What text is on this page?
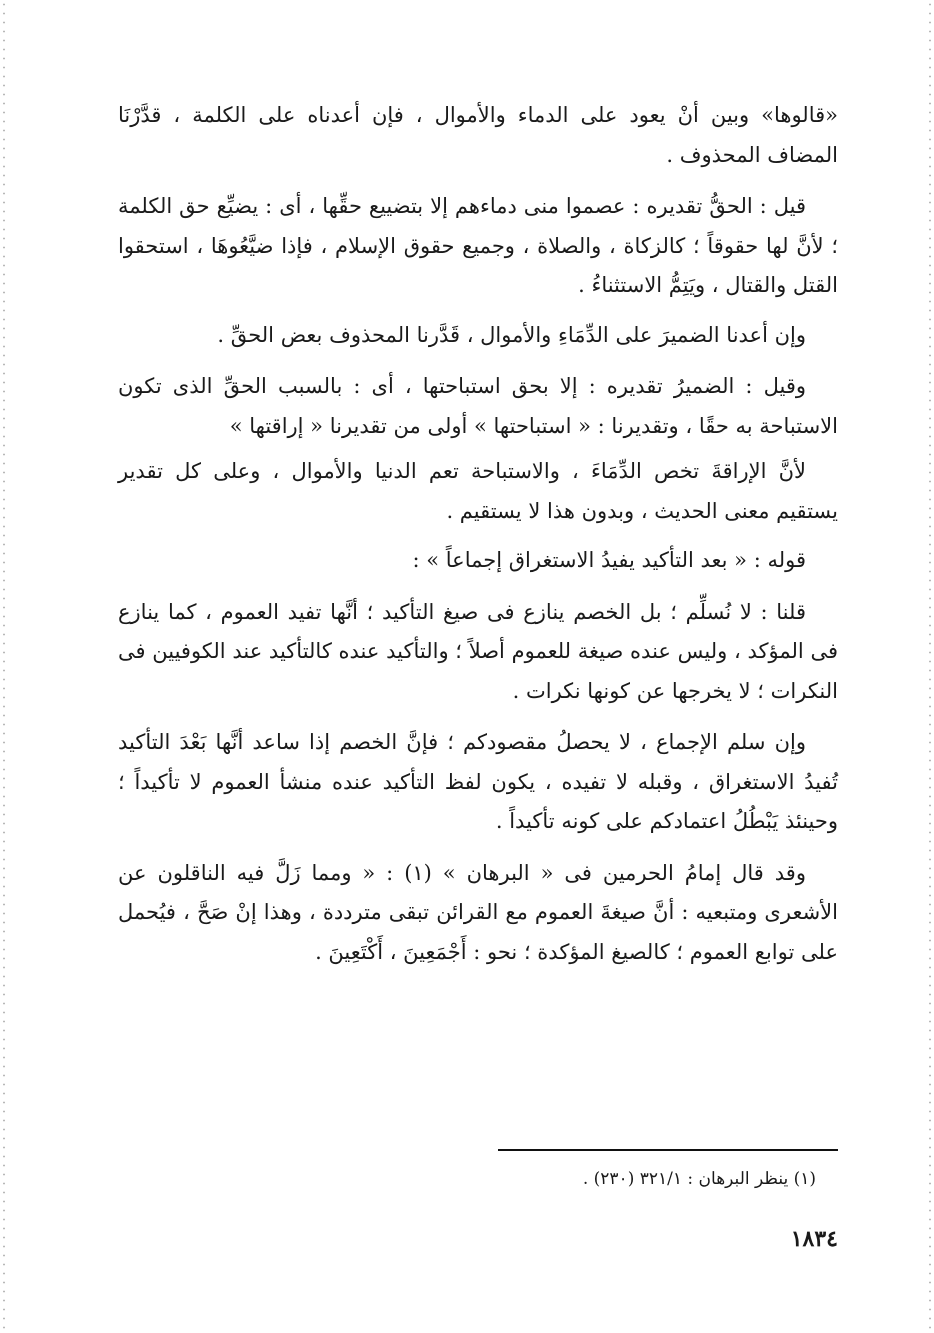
«قالوها» وبين أنْ يعود على الدماء والأموال ، فإن أعدناه على الكلمة ، قدَّرْنَا المضاف المحذوف .

قيل : الحقُّ تقديره : عصموا منى دماءهم إلا بتضييع حقِّها ، أى : يضيِّع حق الكلمة ؛ لأنَّ لها حقوقاً ؛ كالزكاة ، والصلاة ، وجميع حقوق الإسلام ، فإذا ضيَّعُوهَا ، استحقوا القتل والقتال ، ويَتِمُّ الاستثناءُ .

وإن أعدنا الضميرَ على الدِّمَاءِ والأموال ، قَدَّرنا المحذوف بعض الحقِّ .

وقيل : الضميرُ تقديره : إلا بحق استباحتها ، أى : بالسبب الحقِّ الذى تكون الاستباحة به حقًا ، وتقديرنا : « استباحتها » أولى من تقديرنا « إراقتها »

لأنَّ الإراقةَ تخص الدِّمَاءَ ، والاستباحة تعم الدنيا والأموال ، وعلى كل تقدير يستقيم معنى الحديث ، وبدون هذا لا يستقيم .

قوله : « بعد التأكيد يفيدُ الاستغراق إجماعاً » :

قلنا : لا نُسلِّم ؛ بل الخصم ينازع فى صيغ التأكيد ؛ أنَّها تفيد العموم ، كما ينازع فى المؤكد ، وليس عنده صيغة للعموم أصلاً ؛ والتأكيد عنده كالتأكيد عند الكوفيين فى النكرات ؛ لا يخرجها عن كونها نكرات .

وإن سلم الإجماع ، لا يحصلُ مقصودكم ؛ فإنَّ الخصم إذا ساعد أنَّها بَعْدَ التأكيد تُفيدُ الاستغراق ، وقبله لا تفيده ، يكون لفظ التأكيد عنده منشأ العموم لا تأكيداً ؛ وحينئذ يَبْطُلُ اعتمادكم على كونه تأكيداً .

وقد قال إمامُ الحرمين فى « البرهان » (١) : « ومما زَلَّ فيه الناقلون عن الأشعرى ومتبعيه : أنَّ صيغةَ العموم مع القرائن تبقى مترددة ، وهذا إنْ صَحَّ ، فيُحمل على توابع العموم ؛ كالصيغ المؤكدة ؛ نحو : أَجْمَعِينَ ، أَكْتَعِينَ .

(١) ينظر البرهان : ٣٢١/١ (٢٣٠) .
١٨٣٤
